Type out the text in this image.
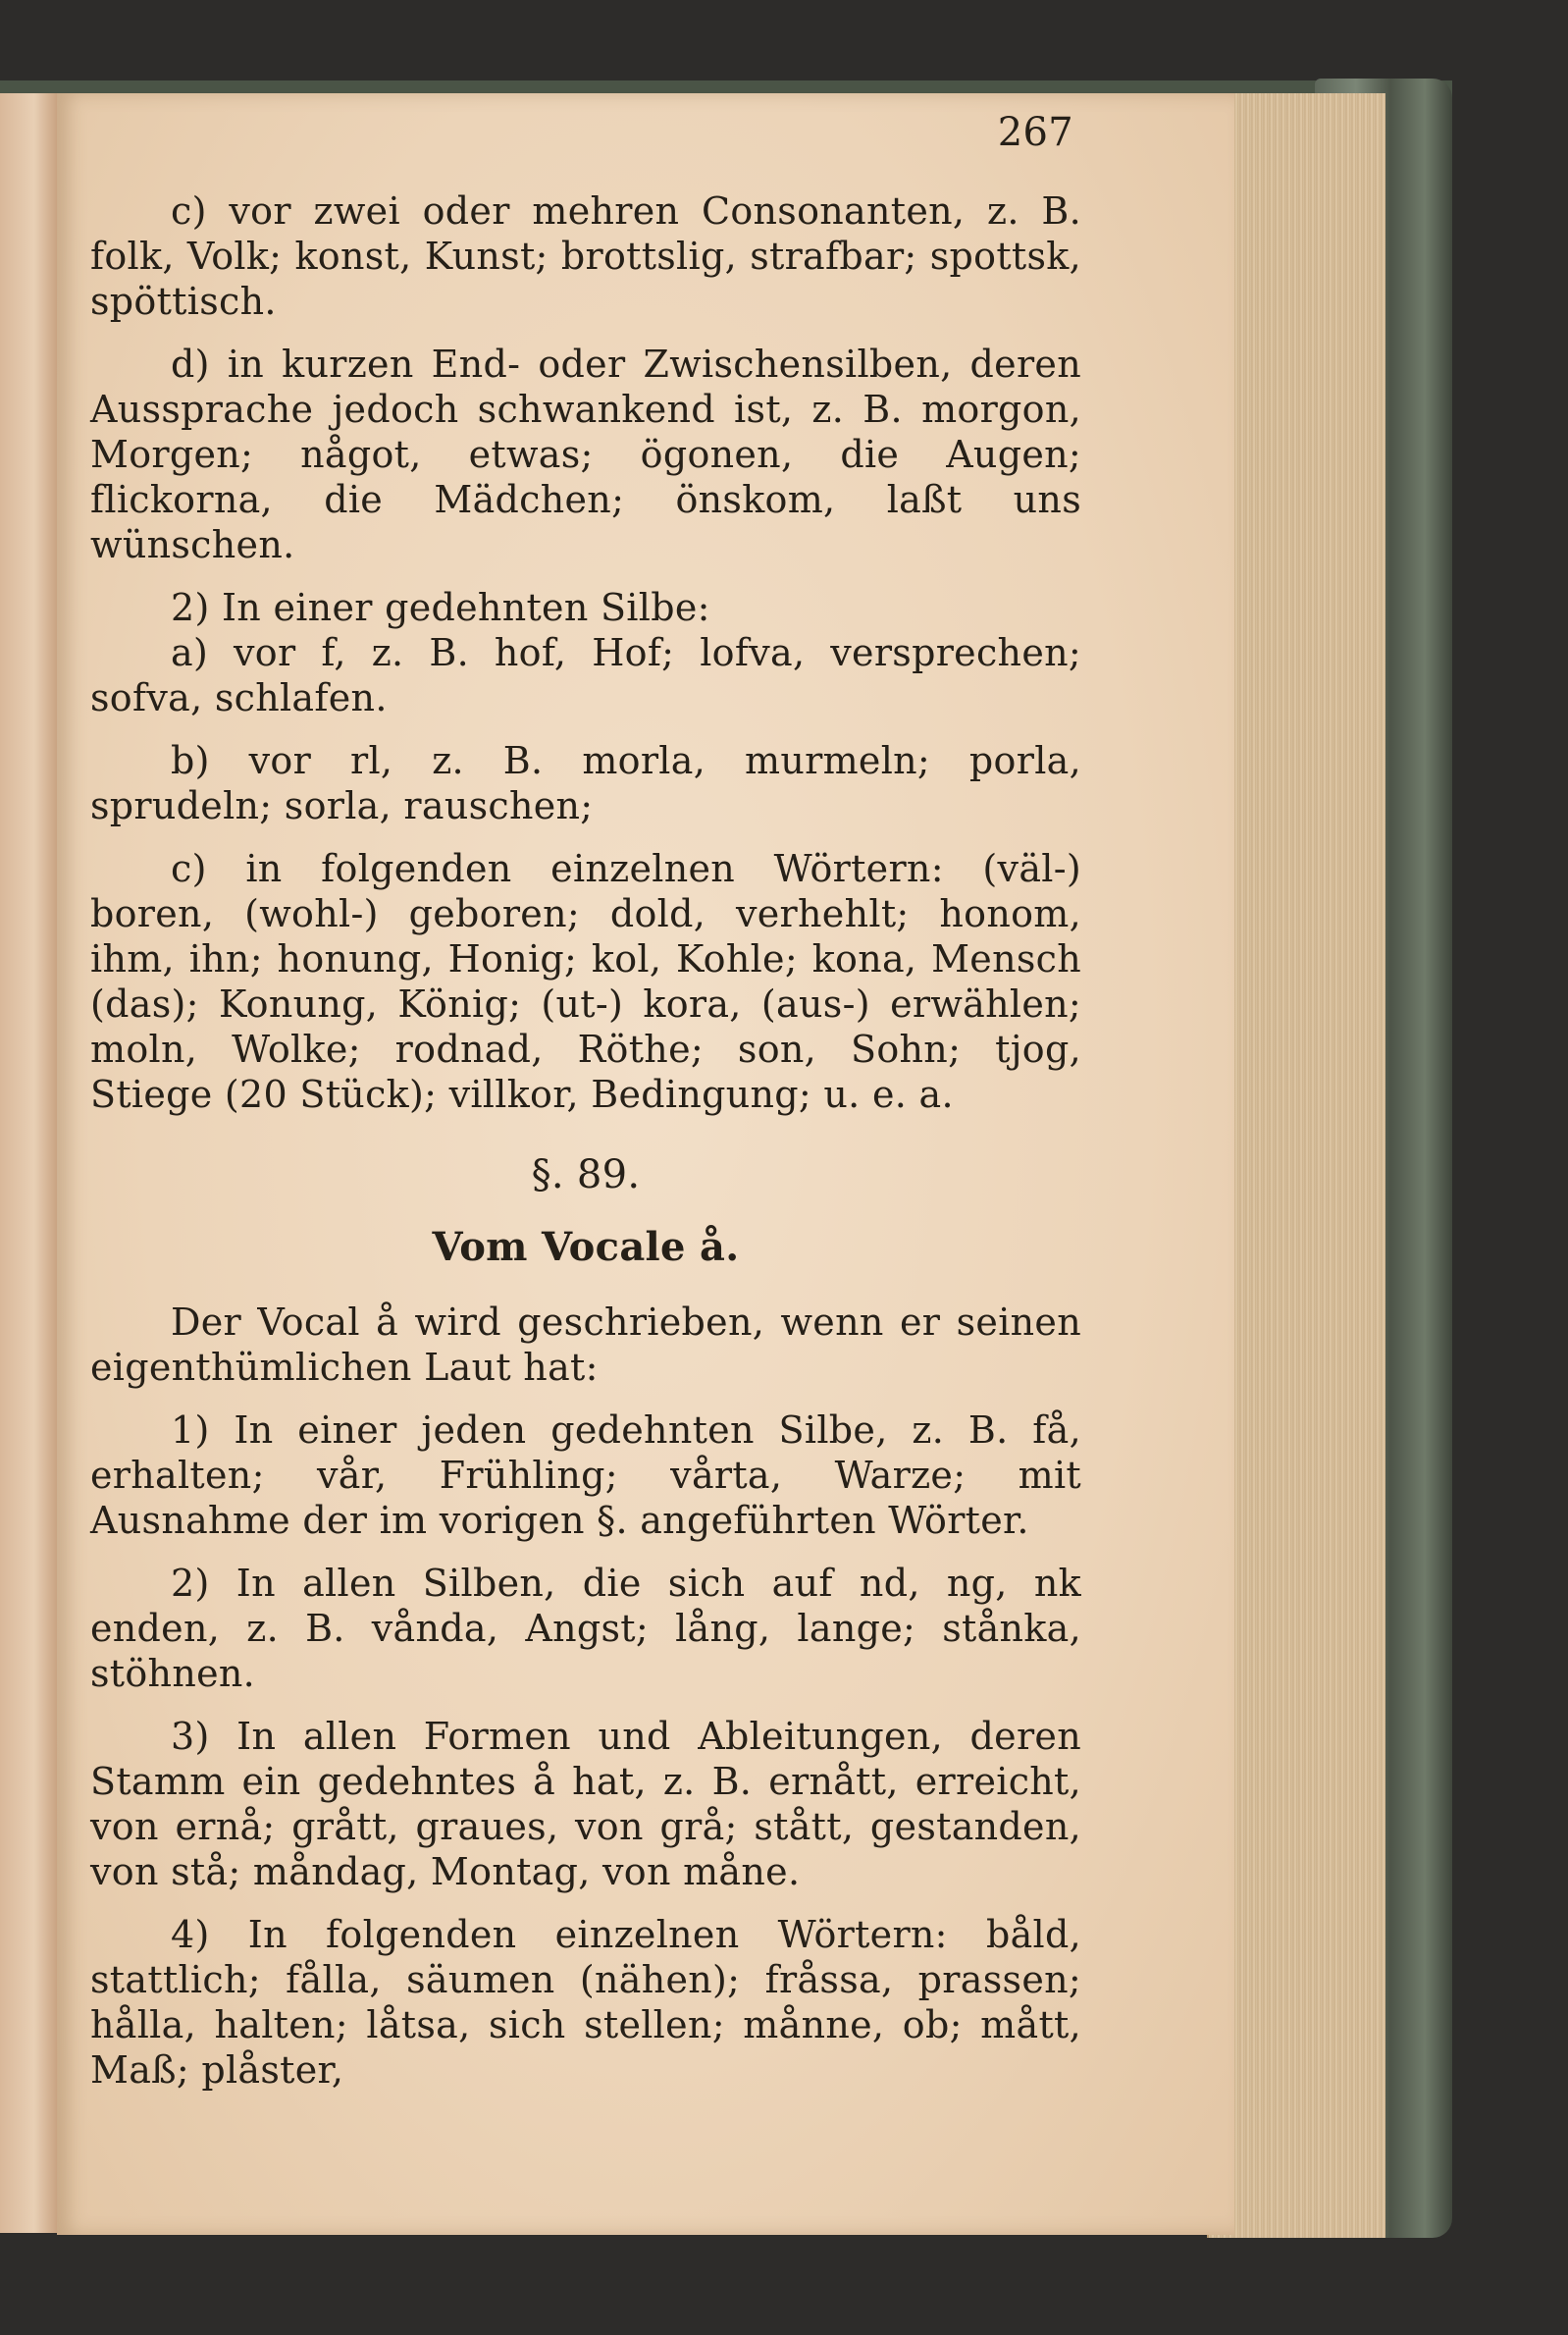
267

c) vor zwei oder mehren Consonanten, z. B. folk, Volk; konst, Kunst; brottslig, strafbar; spottsk, spöttisch.

d) in kurzen End- oder Zwischensilben, deren Aussprache jedoch schwankend ist, z. B. morgon, Morgen; något, etwas; ögonen, die Augen; flickorna, die Mädchen; önskom, laßt uns wünschen.

2) In einer gedehnten Silbe:

a) vor f, z. B. hof, Hof; lofva, versprechen; sofva, schlafen.

b) vor rl, z. B. morla, murmeln; porla, sprudeln; sorla, rauschen;

c) in folgenden einzelnen Wörtern: (väl-) boren, (wohl-) geboren; dold, verhehlt; honom, ihm, ihn; honung, Honig; kol, Kohle; kona, Mensch (das); Konung, König; (ut-) kora, (aus-) erwählen; moln, Wolke; rodnad, Röthe; son, Sohn; tjog, Stiege (20 Stück); villkor, Bedingung; u. e. a.

§. 89.
Vom Vocale å.

Der Vocal å wird geschrieben, wenn er seinen eigenthümlichen Laut hat:

1) In einer jeden gedehnten Silbe, z. B. få, erhalten; vår, Frühling; vårta, Warze; mit Ausnahme der im vorigen §. angeführten Wörter.

2) In allen Silben, die sich auf nd, ng, nk enden, z. B. vånda, Angst; lång, lange; stånka, stöhnen.

3) In allen Formen und Ableitungen, deren Stamm ein gedehntes å hat, z. B. ernått, erreicht, von ernå; grått, graues, von grå; stått, gestanden, von stå; måndag, Montag, von måne.

4) In folgenden einzelnen Wörtern: båld, stattlich; fålla, säumen (nähen); fråssa, prassen; hålla, halten; låtsa, sich stellen; månne, ob; mått, Maß; plåster,
